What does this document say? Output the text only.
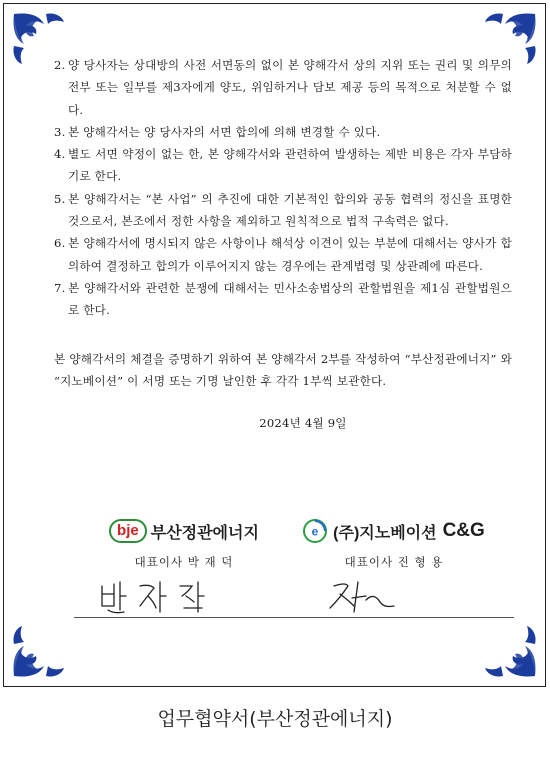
2. 양 당사자는 상대방의 사전 서면동의 없이 본 양해각서 상의 지위 또는 권리 및 의무의 전부 또는 일부를 제3자에게 양도, 위임하거나 담보 제공 등의 목적으로 처분할 수 없다.
3. 본 양해각서는 양 당사자의 서면 합의에 의해 변경할 수 있다.
4. 별도 서면 약정이 없는 한, 본 양해각서와 관련하여 발생하는 제반 비용은 각자 부담하기로 한다.
5. 본 양해각서는 “본 사업” 의 추진에 대한 기본적인 합의와 공동 협력의 정신을 표명한 것으로서, 본조에서 정한 사항을 제외하고 원칙적으로 법적 구속력은 없다.
6. 본 양해각서에 명시되지 않은 사항이나 해석상 이견이 있는 부분에 대해서는 양사가 합의하여 결정하고 합의가 이루어지지 않는 경우에는 관계법령 및 상관례에 따른다.
7. 본 양해각서와 관련한 분쟁에 대해서는 민사소송법상의 관할법원을 제1심 관할법원으로 한다.
본 양해각서의 체결을 증명하기 위하여 본 양해각서 2부를 작성하여 “부산정관에너지” 와 “지노베이션” 이 서명 또는 기명 날인한 후 각각 1부씩 보관한다.
2024년 4월 9일
bje 부산정관에너지
대표이사 박 재 덕
e (주)지노베이션 C&G
대표이사 진 형 용
업무협약서(부산정관에너지)
